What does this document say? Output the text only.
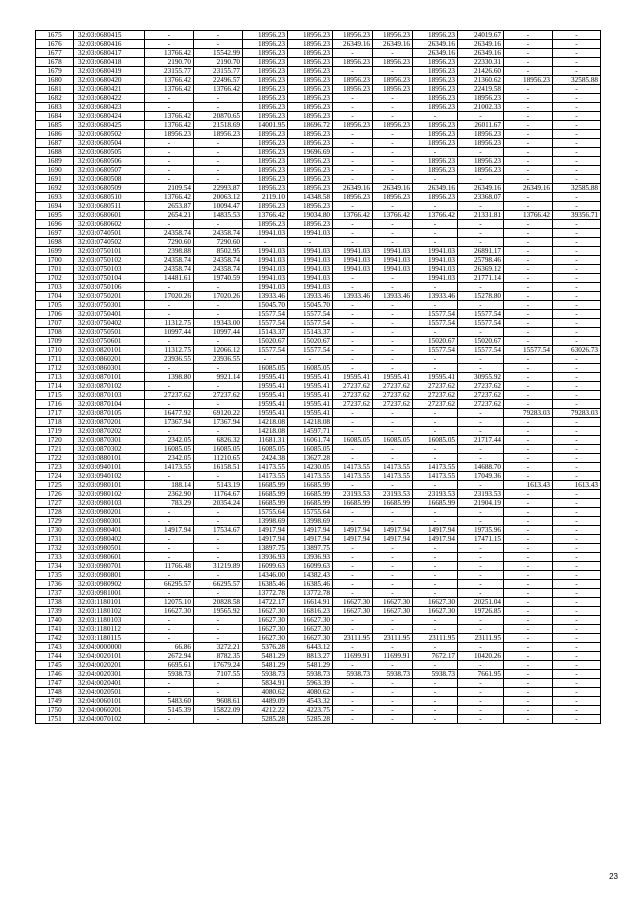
1675	32:03:0680415	-	-	18956.23	18956.23	18956.23	18956.23	18956.23	24019.67	-	-
1676	32:03:0680416	-	-	18956.23	18956.23	26349.16	26349.16	26349.16	26349.16	-	-
1677	32:03:0680417	13766.42	15542.99	18956.23	18956.23	-	-	26349.16	26349.16	-	-
1678	32:03:0680418	2190.70	2190.70	18956.23	18956.23	18956.23	18956.23	18956.23	22330.31	-	-
1679	32:03:0680419	23155.77	23155.77	18956.23	18956.23	-	-	18956.23	21426.60	-	-
1680	32:03:0680420	13766.42	22496.57	18956.23	18956.23	18956.23	18956.23	18956.23	21360.62	18956.23	32585.88
1681	32:03:0680421	13766.42	13766.42	18956.23	18956.23	18956.23	18956.23	18956.23	22419.58	-	-
1682	32:03:0680422	-	-	18956.23	18956.23	-	-	18956.23	18956.23	-	-
1683	32:03:0680423	-	-	18956.23	18956.23	-	-	18956.23	21002.33	-	-
1684	32:03:0680424	13766.42	20870.65	18956.23	18956.23	-	-	-	-	-	-
1685	32:03:0680425	13766.42	21518.69	14001.95	18696.72	18956.23	18956.23	18956.23	26011.67	-	-
1686	32:03:0680502	18956.23	18956.23	18956.23	18956.23	-	-	18956.23	18956.23	-	-
1687	32:03:0680504	-	-	18956.23	18956.23	-	-	18956.23	18956.23	-	-
1688	32:03:0680505	-	-	18956.23	19696.69	-	-	-	-	-	-
1689	32:03:0680506	-	-	18956.23	18956.23	-	-	18956.23	18956.23	-	-
1690	32:03:0680507	-	-	18956.23	18956.23	-	-	18956.23	18956.23	-	-
1691	32:03:0680508	-	-	18956.23	18956.23	-	-	-	-	-	-
1692	32:03:0680509	2109.54	22993.87	18956.23	18956.23	26349.16	26349.16	26349.16	26349.16	26349.16	32585.88
1693	32:03:0680510	13766.42	20063.12	2119.10	14348.58	18956.23	18956.23	18956.23	23368.07	-	-
1694	32:03:0680511	2653.87	10094.47	18956.23	18956.23	-	-	-	-	-	-
1695	32:03:0680601	2654.21	14835.53	13766.42	19034.80	13766.42	13766.42	13766.42	21331.81	13766.42	39356.71
1696	32:03:0680602	-	-	18956.23	18956.23	-	-	-	-	-	-
1697	32:03:0740501	24358.74	24358.74	19941.03	19941.03	-	-	-	-	-	-
1698	32:03:0740502	7290.60	7290.60	-	-	-	-	-	-	-	-
1699	32:03:0750101	2398.88	8502.95	19941.03	19941.03	19941.03	19941.03	19941.03	26891.17	-	-
1700	32:03:0750102	24358.74	24358.74	19941.03	19941.03	19941.03	19941.03	19941.03	25798.46	-	-
1701	32:03:0750103	24358.74	24358.74	19941.03	19941.03	19941.03	19941.03	19941.03	26369.12	-	-
1702	32:03:0750104	14481.61	19740.59	19941.03	19941.03	-	-	19941.03	21771.14	-	-
1703	32:03:0750106	-	-	19941.03	19941.03	-	-	-	-	-	-
1704	32:03:0750201	17020.26	17020.26	13933.46	13933.46	13933.46	13933.46	13933.46	15278.80	-	-
1705	32:03:0750301	-	-	15045.70	15045.70	-	-	-	-	-	-
1706	32:03:0750401	-	-	15577.54	15577.54	-	-	15577.54	15577.54	-	-
1707	32:03:0750402	11312.75	19343.00	15577.54	15577.54	-	-	15577.54	15577.54	-	-
1708	32:03:0750501	10997.44	10997.44	15143.37	15143.37	-	-	-	-	-	-
1709	32:03:0750601	-	-	15020.67	15020.67	-	-	15020.67	15020.67	-	-
1710	32:03:0820101	11312.75	12066.12	15577.54	15577.54	-	-	15577.54	15577.54	15577.54	63026.73
1711	32:03:0860201	23936.55	23936.55	-	-	-	-	-	-	-	-
1712	32:03:0860301	-	-	16085.05	16085.05	-	-	-	-	-	-
1713	32:03:0870101	1398.80	9921.14	19595.41	19595.41	19595.41	19595.41	19595.41	30955.92	-	-
1714	32:03:0870102	-	-	19595.41	19595.41	27237.62	27237.62	27237.62	27237.62	-	-
1715	32:03:0870103	27237.62	27237.62	19595.41	19595.41	27237.62	27237.62	27237.62	27237.62	-	-
1716	32:03:0870104	-	-	19595.41	19595.41	27237.62	27237.62	27237.62	27237.62	-	-
1717	32:03:0870105	16477.92	69120.22	19595.41	19595.41	-	-	-	-	79283.03	79283.03
1718	32:03:0870201	17367.94	17367.94	14218.08	14218.08	-	-	-	-	-	-
1719	32:03:0870202	-	-	14218.08	14597.71	-	-	-	-	-	-
1720	32:03:0870301	2342.05	6826.32	11681.31	16061.74	16085.05	16085.05	16085.05	21717.44	-	-
1721	32:03:0870302	16085.05	16085.05	16085.05	16085.05	-	-	-	-	-	-
1722	32:03:0880101	2342.05	11210.65	2424.38	13627.28	-	-	-	-	-	-
1723	32:03:0940101	14173.55	16158.51	14173.55	14230.05	14173.55	14173.55	14173.55	14688.70	-	-
1724	32:03:0940102	-	-	14173.55	14173.55	14173.55	14173.55	14173.55	17049.36	-	-
1725	32:03:0980101	188.14	5143.19	16685.99	16685.99	-	-	-	-	1613.43	1613.43
1726	32:03:0980102	2362.90	11764.67	16685.99	16685.99	23193.53	23193.53	23193.53	23193.53	-	-
1727	32:03:0980103	783.29	20354.24	16685.99	16685.99	16685.99	16685.99	16685.99	21904.19	-	-
1728	32:03:0980201	-	-	15755.64	15755.64	-	-	-	-	-	-
1729	32:03:0980301	-	-	13998.69	13998.69	-	-	-	-	-	-
1730	32:03:0980401	14917.94	17534.67	14917.94	14917.94	14917.94	14917.94	14917.94	19735.96	-	-
1731	32:03:0980402	-	-	14917.94	14917.94	14917.94	14917.94	14917.94	17471.15	-	-
1732	32:03:0980501	-	-	13897.75	13897.75	-	-	-	-	-	-
1733	32:03:0980601	-	-	13936.93	13936.93	-	-	-	-	-	-
1734	32:03:0980701	11766.48	31219.89	16099.63	16099.63	-	-	-	-	-	-
1735	32:03:0980801	-	-	14346.00	14382.43	-	-	-	-	-	-
1736	32:03:0980902	66295.57	66295.57	16385.46	16385.46	-	-	-	-	-	-
1737	32:03:0981001	-	-	13772.78	13772.78	-	-	-	-	-	-
1738	32:03:1180101	12075.10	20828.58	14722.17	16614.91	16627.30	16627.30	16627.30	20251.04	-	-
1739	32:03:1180102	16627.30	19565.92	16627.30	16816.23	16627.30	16627.30	16627.30	19726.85	-	-
1740	32:03:1180103	-	-	16627.30	16627.30	-	-	-	-	-	-
1741	32:03:1180112	-	-	16627.30	16627.30	-	-	-	-	-	-
1742	32:03:1180115	-	-	16627.30	16627.30	23111.95	23111.95	23111.95	23111.95	-	-
1743	32:04:0000000	66.86	3272.21	5376.28	6443.12	-	-	-	-	-	-
1744	32:04:0020101	2672.94	8782.35	5481.29	8813.27	11699.91	11699.91	7672.17	10420.26	-	-
1745	32:04:0020201	6695.61	17679.24	5481.29	5481.29	-	-	-	-	-	-
1746	32:04:0020301	5938.73	7107.55	5938.73	5938.73	5938.73	5938.73	5938.73	7661.95	-	-
1747	32:04:0020401	-	-	5834.91	5963.39	-	-	-	-	-	-
1748	32:04:0020501	-	-	4080.62	4080.62	-	-	-	-	-	-
1749	32:04:0060101	5483.60	9608.61	4489.09	4543.32	-	-	-	-	-	-
1750	32:04:0060201	5145.39	15822.09	4212.22	4223.75	-	-	-	-	-	-
1751	32:04:0070102	-	-	5285.28	5285.28	-	-	-	-	-	-
23
